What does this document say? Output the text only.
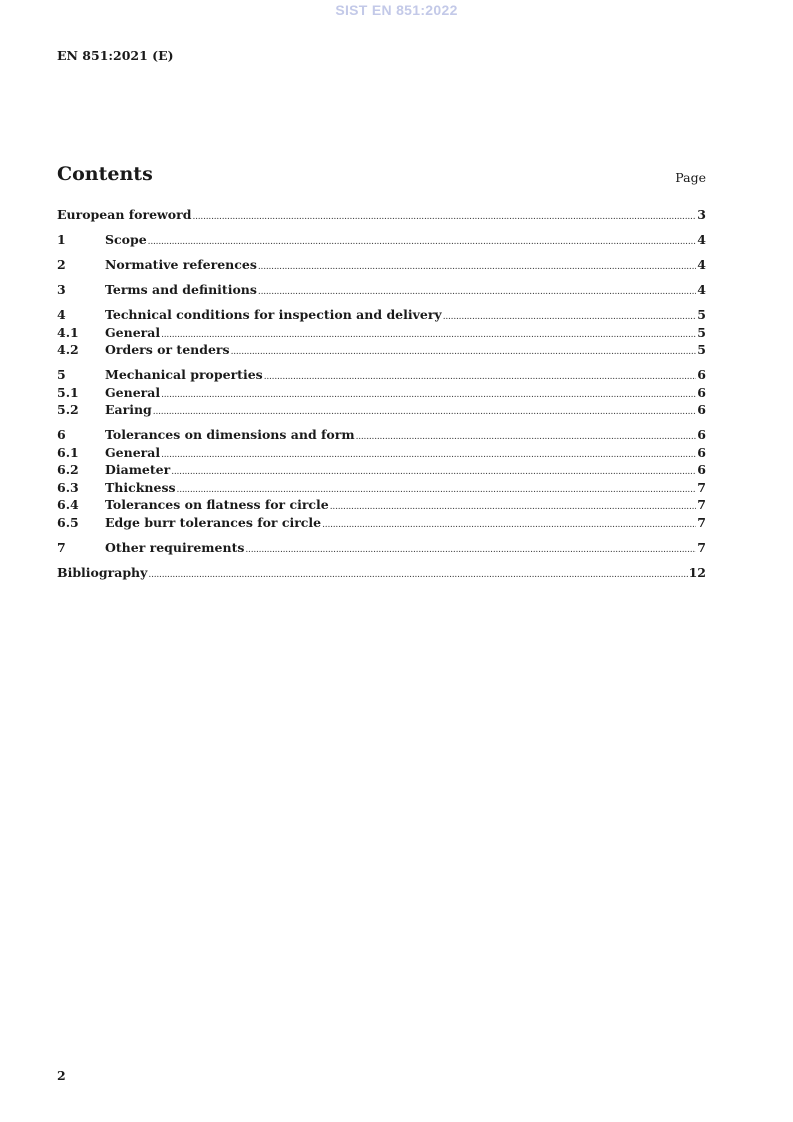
SIST EN 851:2022
EN 851:2021 (E)
Contents	Page
European foreword .....	3
1	Scope .....	4
2	Normative references .....	4
3	Terms and definitions .....	4
4	Technical conditions for inspection and delivery .....	5
4.1	General .....	5
4.2	Orders or tenders .....	5
5	Mechanical properties .....	6
5.1	General .....	6
5.2	Earing .....	6
6	Tolerances on dimensions and form .....	6
6.1	General .....	6
6.2	Diameter .....	6
6.3	Thickness .....	7
6.4	Tolerances on flatness for circle .....	7
6.5	Edge burr tolerances for circle .....	7
7	Other requirements .....	7
Bibliography .....	12
2
